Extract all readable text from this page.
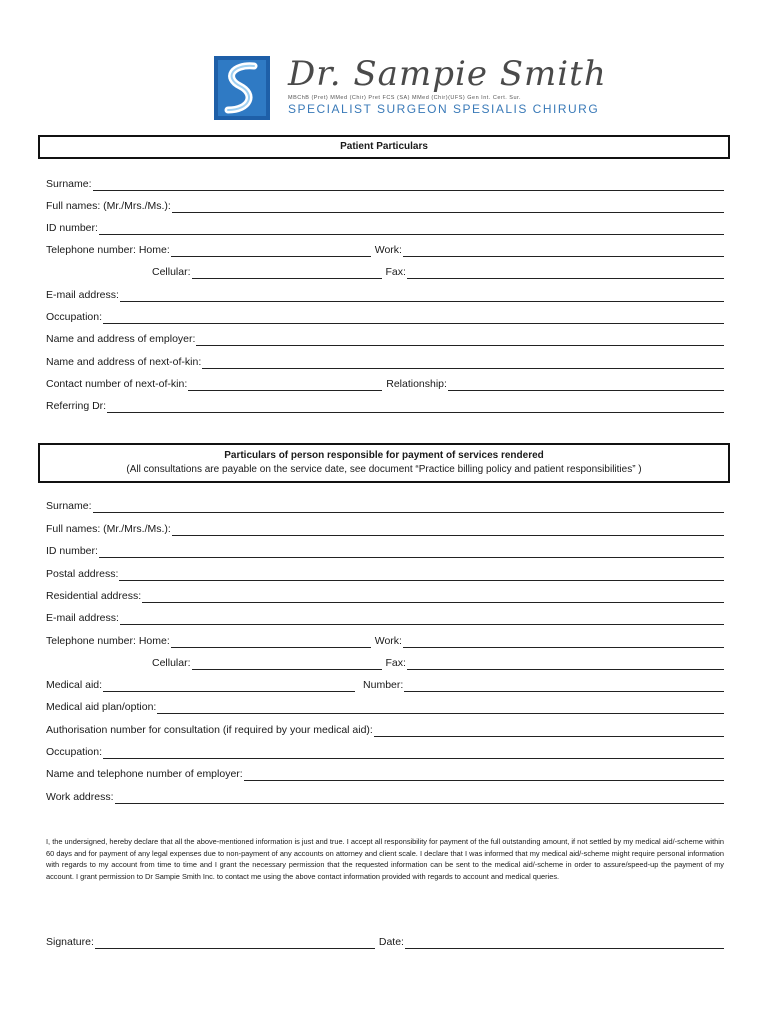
Dr. Sampie Smith
MBChB (Pret) MMed (Chir) Pret FCS (SA) MMed (Chir)(UFS) Gen Int. Cert. Sur.
SPECIALIST SURGEON SPESIALIS CHIRURG
Patient Particulars
Surname:
Full names: (Mr./Mrs./Ms.):
ID number:
Telephone number: Home:	Work:
Cellular:	Fax:
E-mail address:
Occupation:
Name and address of employer:
Name and address of next-of-kin:
Contact number of next-of-kin:	Relationship:
Referring Dr:
Particulars of person responsible for payment of services rendered
(All consultations are payable on the service date, see document “Practice billing policy and patient responsibilities” )
Surname:
Full names: (Mr./Mrs./Ms.):
ID number:
Postal address:
Residential address:
E-mail address:
Telephone number: Home:	Work:
Cellular:	Fax:
Medical aid:	Number:
Medical aid plan/option:
Authorisation number for consultation (if required by your medical aid):
Occupation:
Name and telephone number of employer:
Work address:
I, the undersigned, hereby declare that all the above-mentioned information is just and true. I accept all responsibility for payment of the full outstanding amount, if not settled by my medical aid/-scheme within 60 days and for payment of any legal expenses due to non-payment of any accounts on attorney and client scale. I declare that I was informed that my medical aid/-scheme might require personal information with regards to my account from time to time and I grant the necessary permission that the requested information can be sent to the medical aid/-scheme in order to assure/speed-up the payment of my account. I grant permission to Dr Sampie Smith Inc. to contact me using the above contact information provided with regards to account and medical queries.
Signature:	Date:
